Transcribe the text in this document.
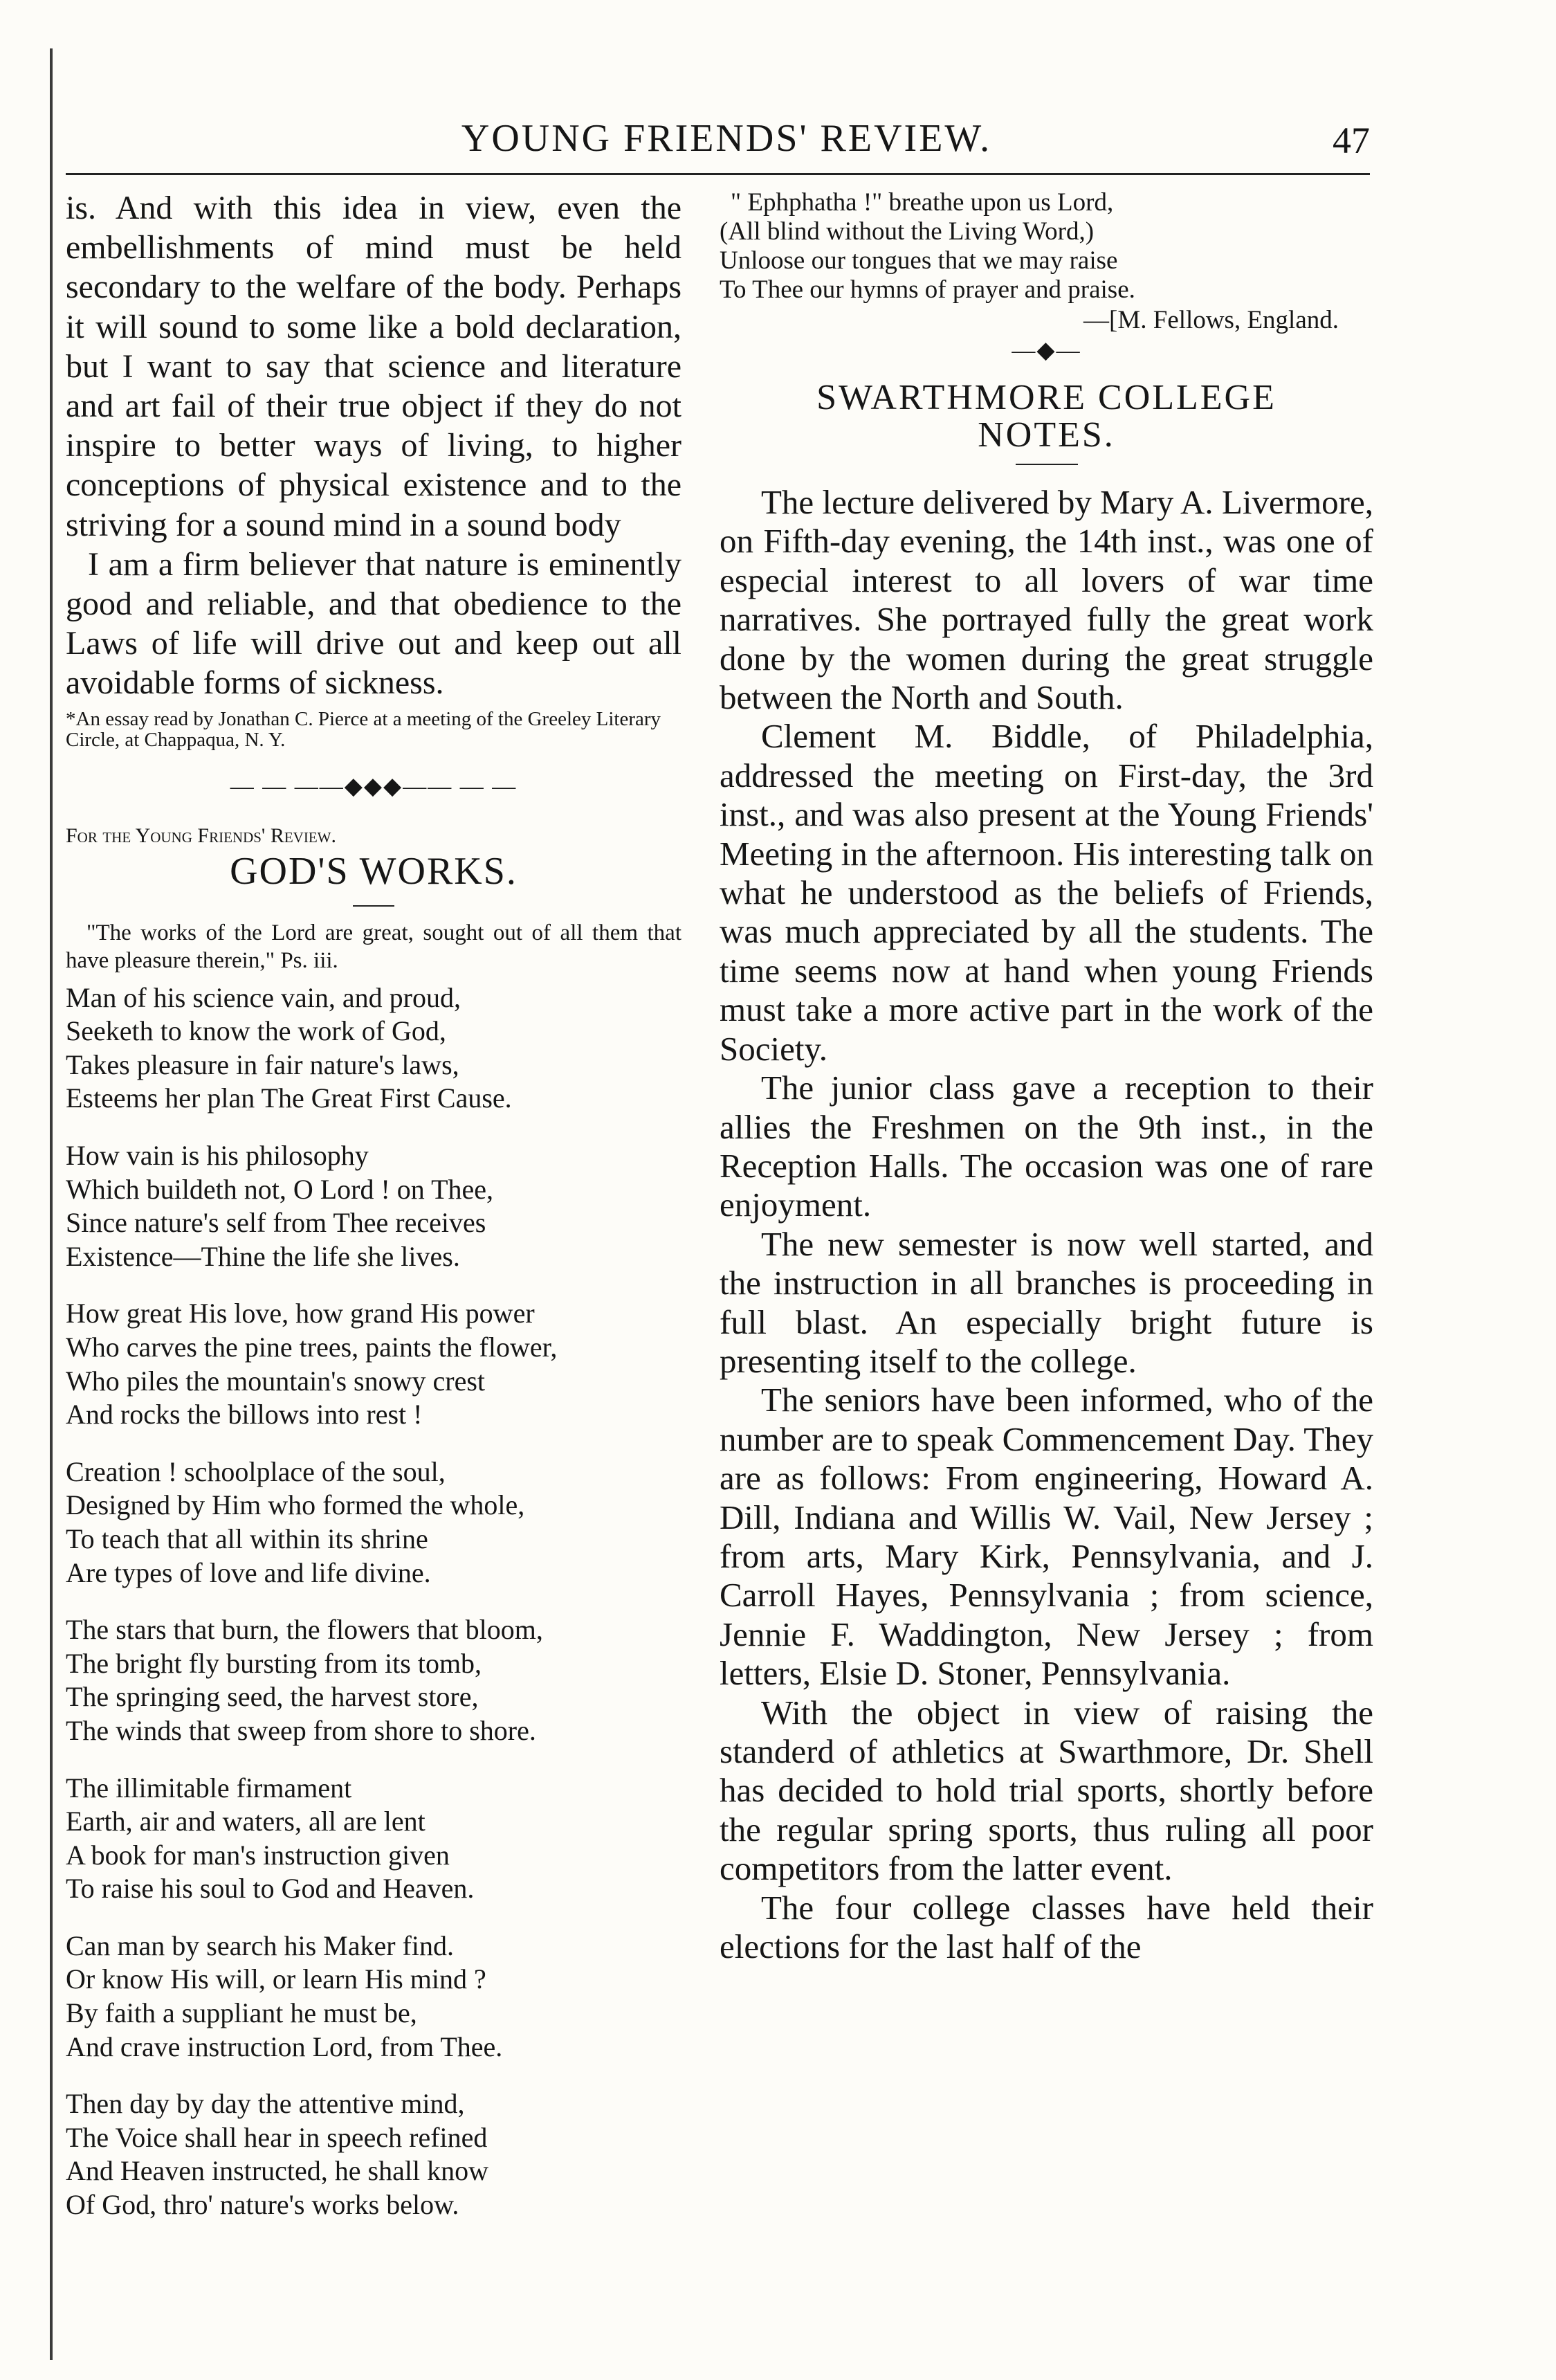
YOUNG FRIENDS' REVIEW.	47

is. And with this idea in view, even the embellishments of mind must be held secondary to the welfare of the body. Perhaps it will sound to some like a bold declaration, but I want to say that science and literature and art fail of their true object if they do not inspire to better ways of living, to higher conceptions of physical existence and to the striving for a sound mind in a sound body

I am a firm believer that nature is eminently good and reliable, and that obedience to the Laws of life will drive out and keep out all avoidable forms of sickness.

*An essay read by Jonathan C. Pierce at a meeting of the Greeley Literary Circle, at Chappaqua, N. Y.

— — ——◆◆◆—— — —
For the Young Friends' Review.
GOD'S WORKS.

"The works of the Lord are great, sought out of all them that have pleasure therein," Ps. iii.

Man of his science vain, and proud,
Seeketh to know the work of God,
Takes pleasure in fair nature's laws,
Esteems her plan The Great First Cause.
How vain is his philosophy
Which buildeth not, O Lord ! on Thee,
Since nature's self from Thee receives
Existence—Thine the life she lives.
How great His love, how grand His power
Who carves the pine trees, paints the flower,
Who piles the mountain's snowy crest
And rocks the billows into rest !
Creation ! schoolplace of the soul,
Designed by Him who formed the whole,
To teach that all within its shrine
Are types of love and life divine.
The stars that burn, the flowers that bloom,
The bright fly bursting from its tomb,
The springing seed, the harvest store,
The winds that sweep from shore to shore.
The illimitable firmament
Earth, air and waters, all are lent
A book for man's instruction given
To raise his soul to God and Heaven.
Can man by search his Maker find.
Or know His will, or learn His mind ?
By faith a suppliant he must be,
And crave instruction Lord, from Thee.
Then day by day the attentive mind,
The Voice shall hear in speech refined
And Heaven instructed, he shall know
Of God, thro' nature's works below.
" Ephphatha !" breathe upon us Lord,
(All blind without the Living Word,)
Unloose our tongues that we may raise
To Thee our hymns of prayer and praise.
—[M. Fellows, England.
—◆—
SWARTHMORE COLLEGE
NOTES.

The lecture delivered by Mary A. Livermore, on Fifth-day evening, the 14th inst., was one of especial interest to all lovers of war time narratives. She portrayed fully the great work done by the women during the great struggle between the North and South.

Clement M. Biddle, of Philadelphia, addressed the meeting on First-day, the 3rd inst., and was also present at the Young Friends' Meeting in the afternoon. His interesting talk on what he understood as the beliefs of Friends, was much appreciated by all the students. The time seems now at hand when young Friends must take a more active part in the work of the Society.

The junior class gave a reception to their allies the Freshmen on the 9th inst., in the Reception Halls. The occasion was one of rare enjoyment.

The new semester is now well started, and the instruction in all branches is proceeding in full blast. An especially bright future is presenting itself to the college.

The seniors have been informed, who of the number are to speak Commencement Day. They are as follows: From engineering, Howard A. Dill, Indiana and Willis W. Vail, New Jersey ; from arts, Mary Kirk, Pennsylvania, and J. Carroll Hayes, Pennsylvania ; from science, Jennie F. Waddington, New Jersey ; from letters, Elsie D. Stoner, Pennsylvania.

With the object in view of raising the standerd of athletics at Swarthmore, Dr. Shell has decided to hold trial sports, shortly before the regular spring sports, thus ruling all poor competitors from the latter event.

The four college classes have held their elections for the last half of the
